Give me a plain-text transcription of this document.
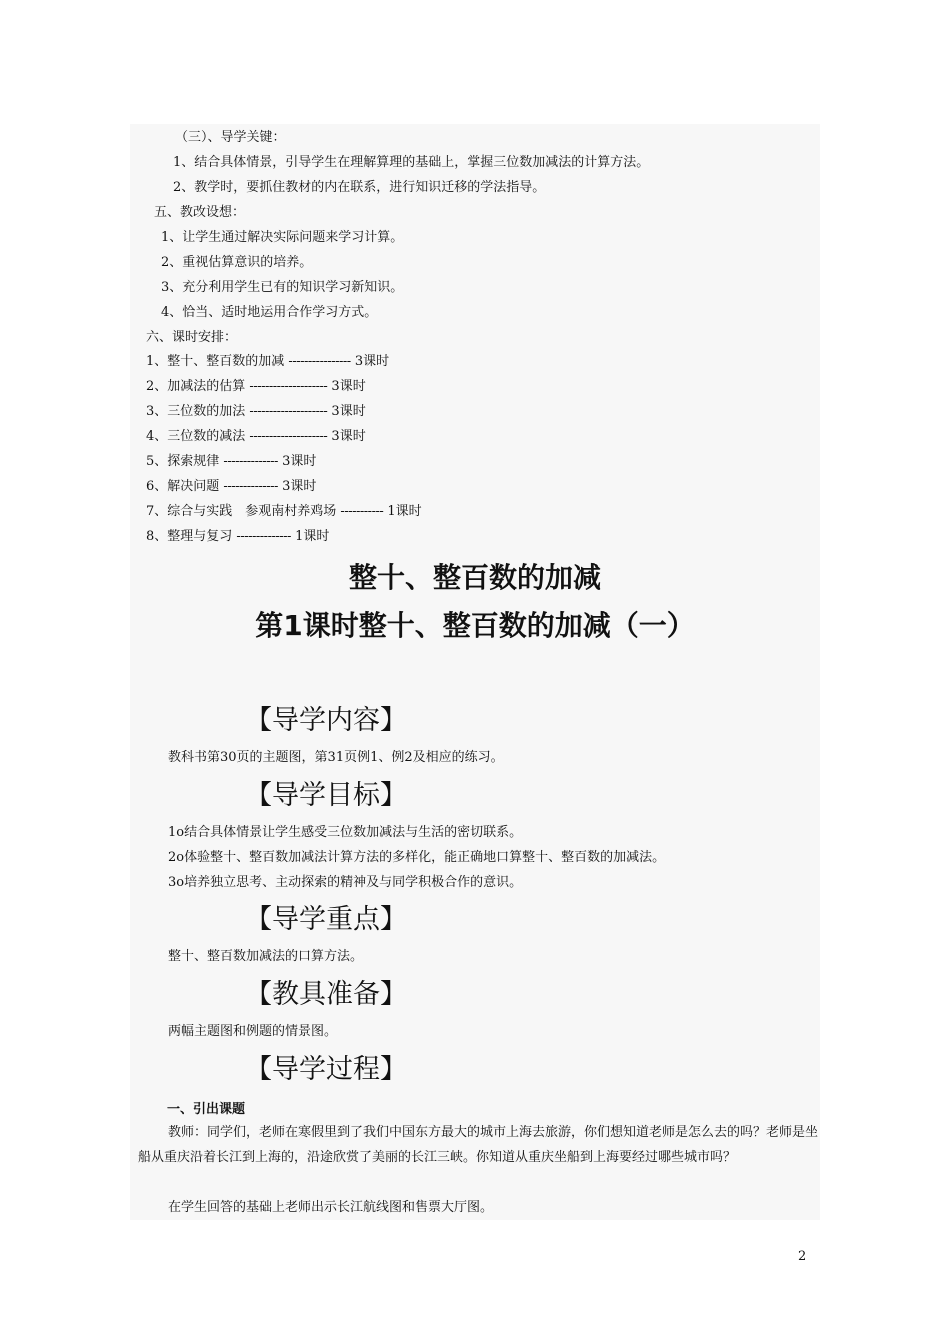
（三）、导学关键：
1、结合具体情景，引导学生在理解算理的基础上，掌握三位数加减法的计算方法。
2、教学时，要抓住教材的内在联系，进行知识迁移的学法指导。
五、教改设想：
1、让学生通过解决实际问题来学习计算。
2、重视估算意识的培养。
3、充分利用学生已有的知识学习新知识。
4、恰当、适时地运用合作学习方式。
六、课时安排：
1、整十、整百数的加减 ---------------- 3课时
2、加减法的估算 -------------------- 3课时
3、三位数的加法 -------------------- 3课时
4、三位数的减法 -------------------- 3课时
5、探索规律 -------------- 3课时
6、解决问题 -------------- 3课时
7、综合与实践　参观南村养鸡场 ----------- 1课时
8、整理与复习 -------------- 1课时
整十、整百数的加减
第1课时整十、整百数的加减（一）
【导学内容】
教科书第30页的主题图，第31页例1、例2及相应的练习。
【导学目标】
1o结合具体情景让学生感受三位数加减法与生活的密切联系。
2o体验整十、整百数加减法计算方法的多样化，能正确地口算整十、整百数的加减法。
3o培养独立思考、主动探索的精神及与同学积极合作的意识。
【导学重点】
整十、整百数加减法的口算方法。
【教具准备】
两幅主题图和例题的情景图。
【导学过程】
一、引出课题

教师：同学们，老师在寒假里到了我们中国东方最大的城市上海去旅游，你们想知道老师是怎么去的吗？老师是坐船从重庆沿着长江到上海的，沿途欣赏了美丽的长江三峡。你知道从重庆坐船到上海要经过哪些城市吗？

在学生回答的基础上老师出示长江航线图和售票大厅图。

2
